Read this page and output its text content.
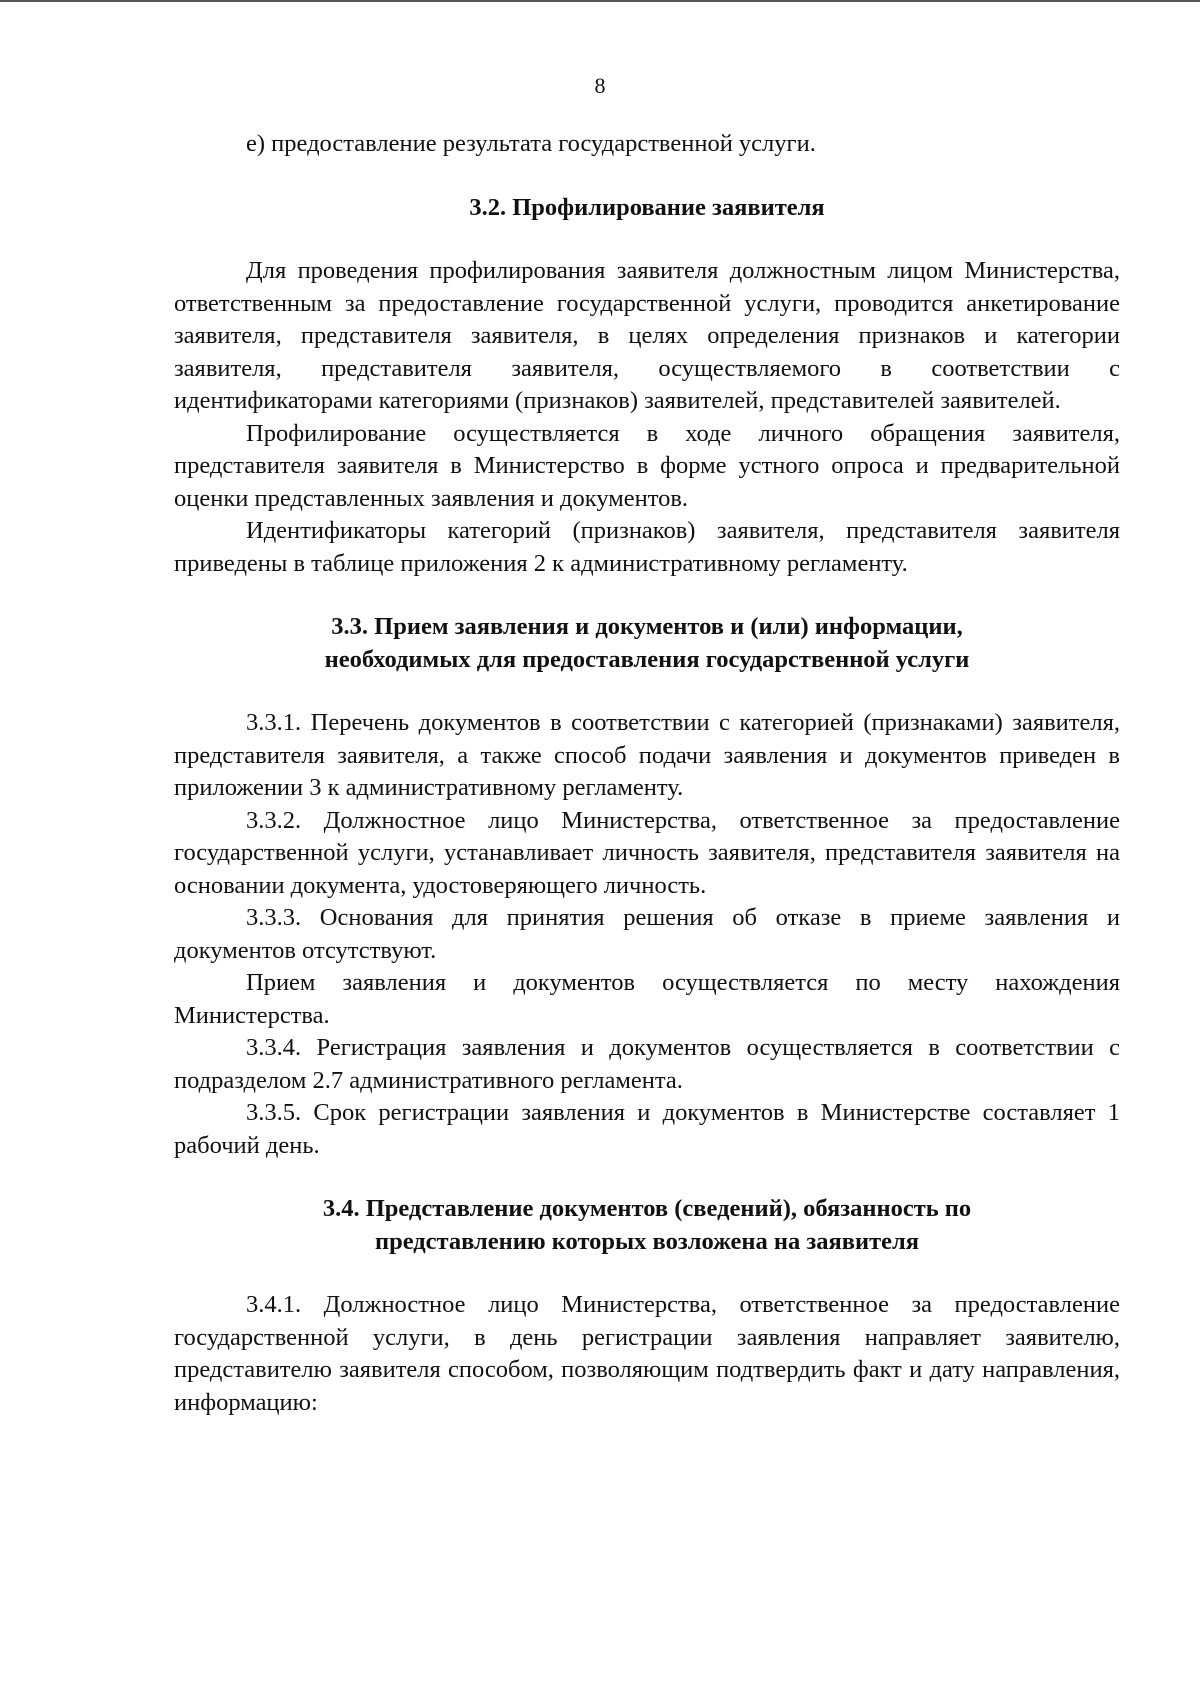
8

е) предоставление результата государственной услуги.

3.2. Профилирование заявителя

Для проведения профилирования заявителя должностным лицом Министерства, ответственным за предоставление государственной услуги, проводится анкетирование заявителя, представителя заявителя, в целях определения признаков и категории заявителя, представителя заявителя, осуществляемого в соответствии с идентификаторами категориями (признаков) заявителей, представителей заявителей.

Профилирование осуществляется в ходе личного обращения заявителя, представителя заявителя в Министерство в форме устного опроса и предварительной оценки представленных заявления и документов.

Идентификаторы категорий (признаков) заявителя, представителя заявителя приведены в таблице приложения 2 к административному регламенту.

3.3. Прием заявления и документов и (или) информации,
необходимых для предоставления государственной услуги

3.3.1. Перечень документов в соответствии с категорией (признаками) заявителя, представителя заявителя, а также способ подачи заявления и документов приведен в приложении 3 к административному регламенту.

3.3.2. Должностное лицо Министерства, ответственное за предоставление государственной услуги, устанавливает личность заявителя, представителя заявителя на основании документа, удостоверяющего личность.

3.3.3. Основания для принятия решения об отказе в приеме заявления и документов отсутствуют.

Прием заявления и документов осуществляется по месту нахождения Министерства.

3.3.4. Регистрация заявления и документов осуществляется в соответствии с подразделом 2.7 административного регламента.

3.3.5. Срок регистрации заявления и документов в Министерстве составляет 1 рабочий день.

3.4. Представление документов (сведений), обязанность по
представлению которых возложена на заявителя

3.4.1. Должностное лицо Министерства, ответственное за предоставление государственной услуги, в день регистрации заявления направляет заявителю, представителю заявителя способом, позволяющим подтвердить факт и дату направления, информацию:
